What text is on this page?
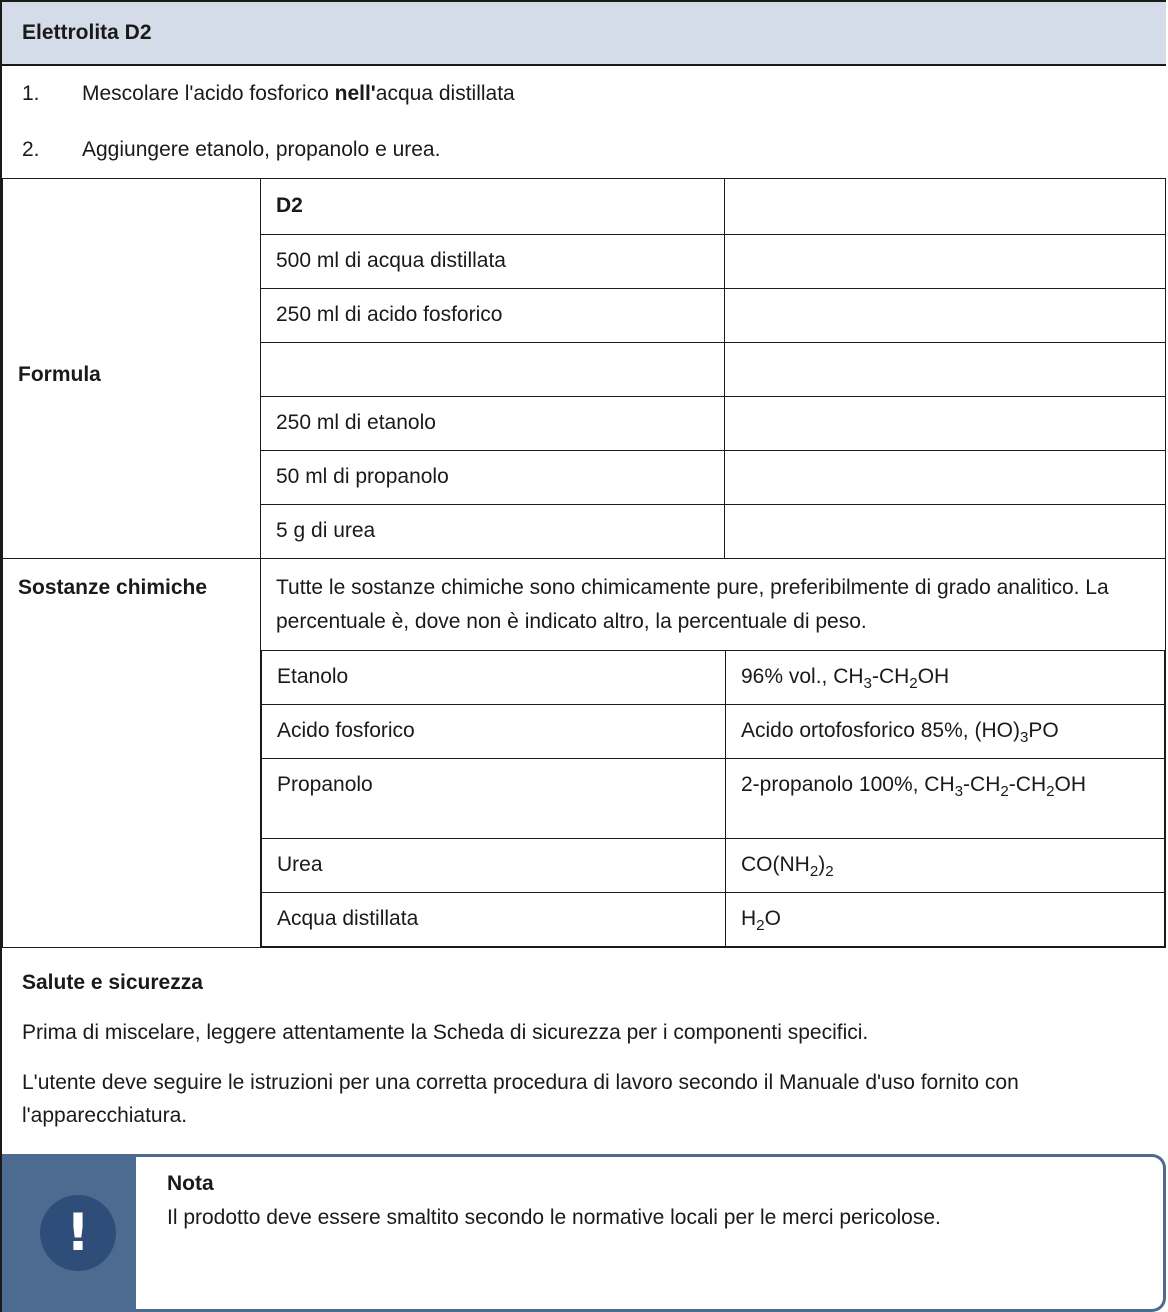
Elettrolita D2
1.	Mescolare l'acido fosforico nell'acqua distillata
2.	Aggiungere etanolo, propanolo e urea.
Formula	D2	
500 ml di acqua distillata	
250 ml di acido fosforico	

250 ml di etanolo	
50 ml di propanolo	
5 g di urea	
Sostanze chimiche	Tutte le sostanze chimiche sono chimicamente pure, preferibilmente di grado analitico. La percentuale è, dove non è indicato altro, la percentuale di peso.
Etanolo	96% vol., $CH_3-CH_2OH$
Acido fosforico	Acido ortofosforico 85%, $(HO)_3PO$
Propanolo	2-propanolo 100%, $CH_3-CH_2-CH_2OH$
Urea	$CO(NH_2)_2$
Acqua distillata	$H_2O$
Salute e sicurezza

Prima di miscelare, leggere attentamente la Scheda di sicurezza per i componenti specifici.

L'utente deve seguire le istruzioni per una corretta procedura di lavoro secondo il Manuale d'uso fornito con l'apparecchiatura.

!
Nota
Il prodotto deve essere smaltito secondo le normative locali per le merci pericolose.
